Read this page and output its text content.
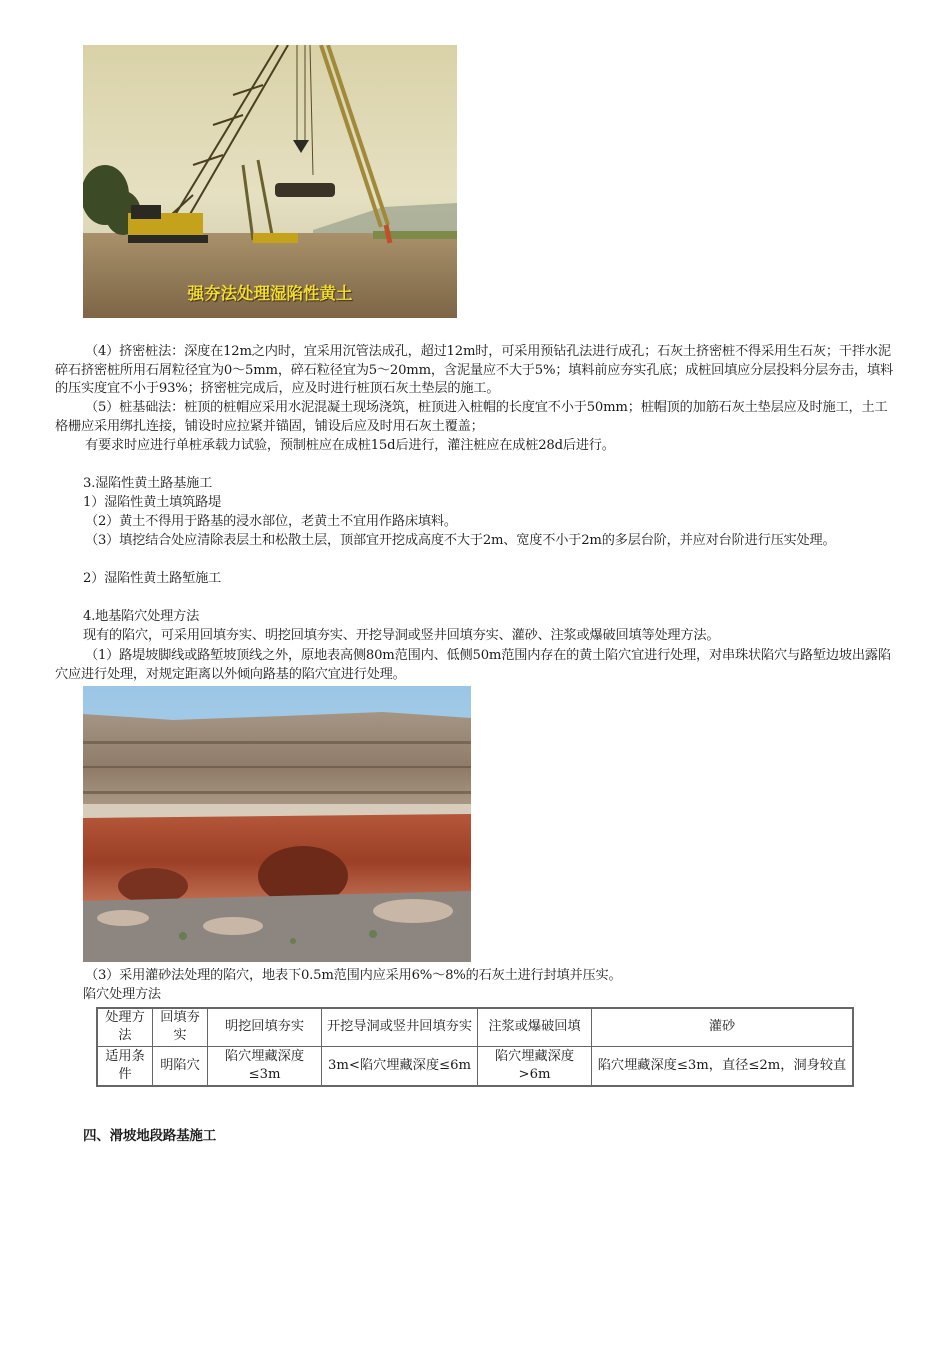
强夯法处理湿陷性黄土

（4）挤密桩法：深度在12m之内时，宜采用沉管法成孔，超过12m时，可采用预钻孔法进行成孔；石灰土挤密桩不得采用生石灰；干拌水泥碎石挤密桩所用石屑粒径宜为0～5mm，碎石粒径宜为5～20mm，含泥量应不大于5%；填料前应夯实孔底；成桩回填应分层投料分层夯击，填料的压实度宜不小于93%；挤密桩完成后，应及时进行桩顶石灰土垫层的施工。

（5）桩基础法：桩顶的桩帽应采用水泥混凝土现场浇筑，桩顶进入桩帽的长度宜不小于50mm；桩帽顶的加筋石灰土垫层应及时施工，土工格栅应采用绑扎连接，铺设时应拉紧并锚固，铺设后应及时用石灰土覆盖；

有要求时应进行单桩承载力试验，预制桩应在成桩15d后进行，灌注桩应在成桩28d后进行。

3.湿陷性黄土路基施工

1）湿陷性黄土填筑路堤

（2）黄土不得用于路基的浸水部位，老黄土不宜用作路床填料。

（3）填挖结合处应清除表层土和松散土层，顶部宜开挖成高度不大于2m、宽度不小于2m的多层台阶，并应对台阶进行压实处理。

2）湿陷性黄土路堑施工

4.地基陷穴处理方法

现有的陷穴，可采用回填夯实、明挖回填夯实、开挖导洞或竖井回填夯实、灌砂、注浆或爆破回填等处理方法。

（1）路堤坡脚线或路堑坡顶线之外，原地表高侧80m范围内、低侧50m范围内存在的黄土陷穴宜进行处理，对串珠状陷穴与路堑边坡出露陷穴应进行处理，对规定距离以外倾向路基的陷穴宜进行处理。

（3）采用灌砂法处理的陷穴，地表下0.5m范围内应采用6%～8%的石灰土进行封填并压实。

陷穴处理方法

处理方法	回填夯实	明挖回填夯实	开挖导洞或竖井回填夯实	注浆或爆破回填	灌砂
适用条件	明陷穴	陷穴埋藏深度≤3m	3m<陷穴埋藏深度≤6m	陷穴埋藏深度>6m	陷穴埋藏深度≤3m，直径≤2m，洞身较直

四、滑坡地段路基施工
